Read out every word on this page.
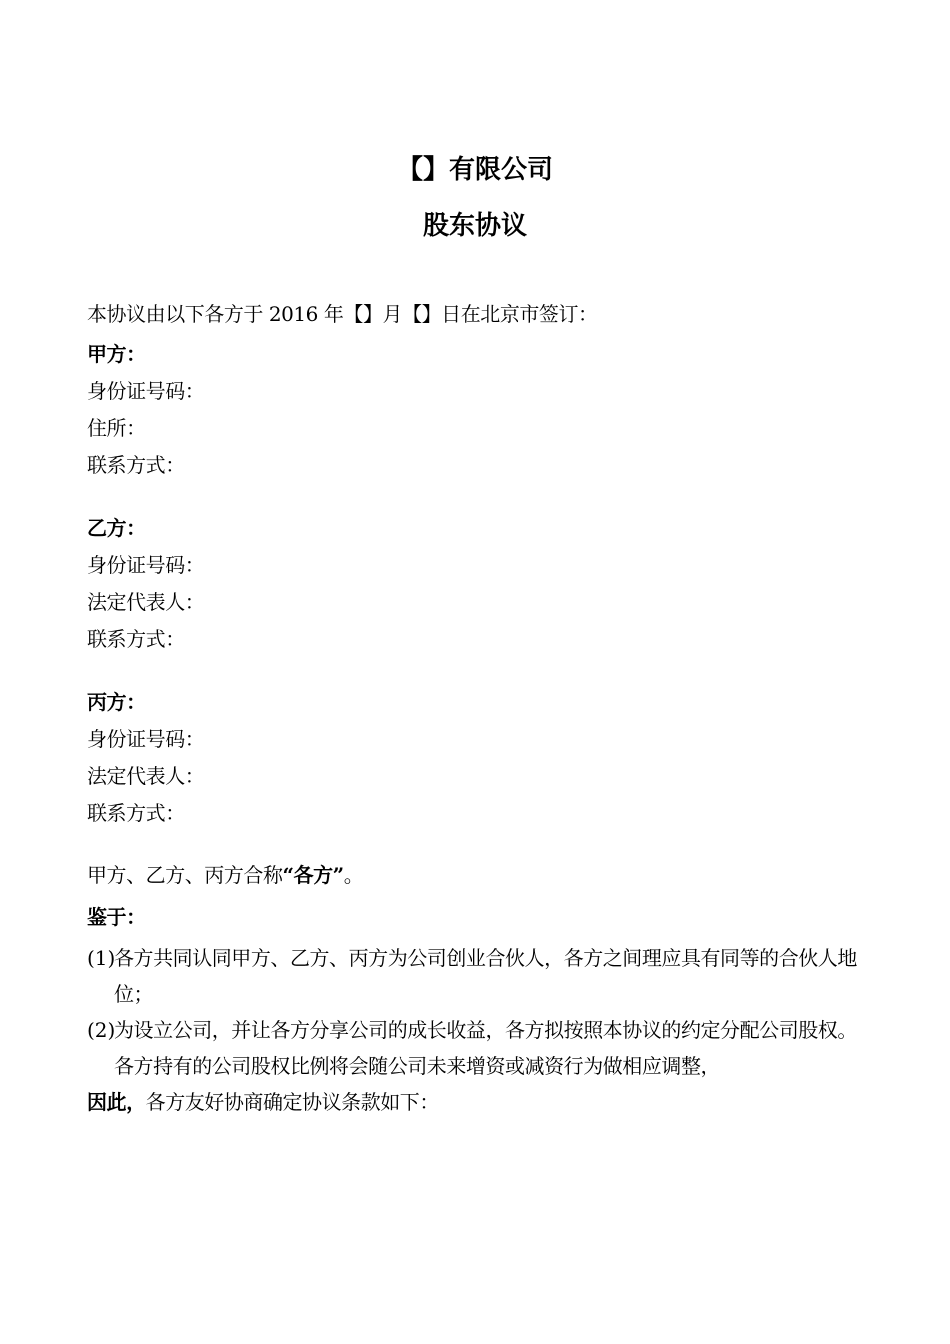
【】有限公司
股东协议

本协议由以下各方于 2016 年【】月【】日在北京市签订：

甲方：

身份证号码：

住所：

联系方式：

乙方：

身份证号码：

法定代表人：

联系方式：

丙方：

身份证号码：

法定代表人：

联系方式：

甲方、乙方、丙方合称“各方”。

鉴于：

(1)
各方共同认同甲方、乙方、丙方为公司创业合伙人，各方之间理应具有同等的合伙人地位；
(2)
为设立公司，并让各方分享公司的成长收益，各方拟按照本协议的约定分配公司股权。各方持有的公司股权比例将会随公司未来增资或减资行为做相应调整，

因此，各方友好协商确定协议条款如下：
